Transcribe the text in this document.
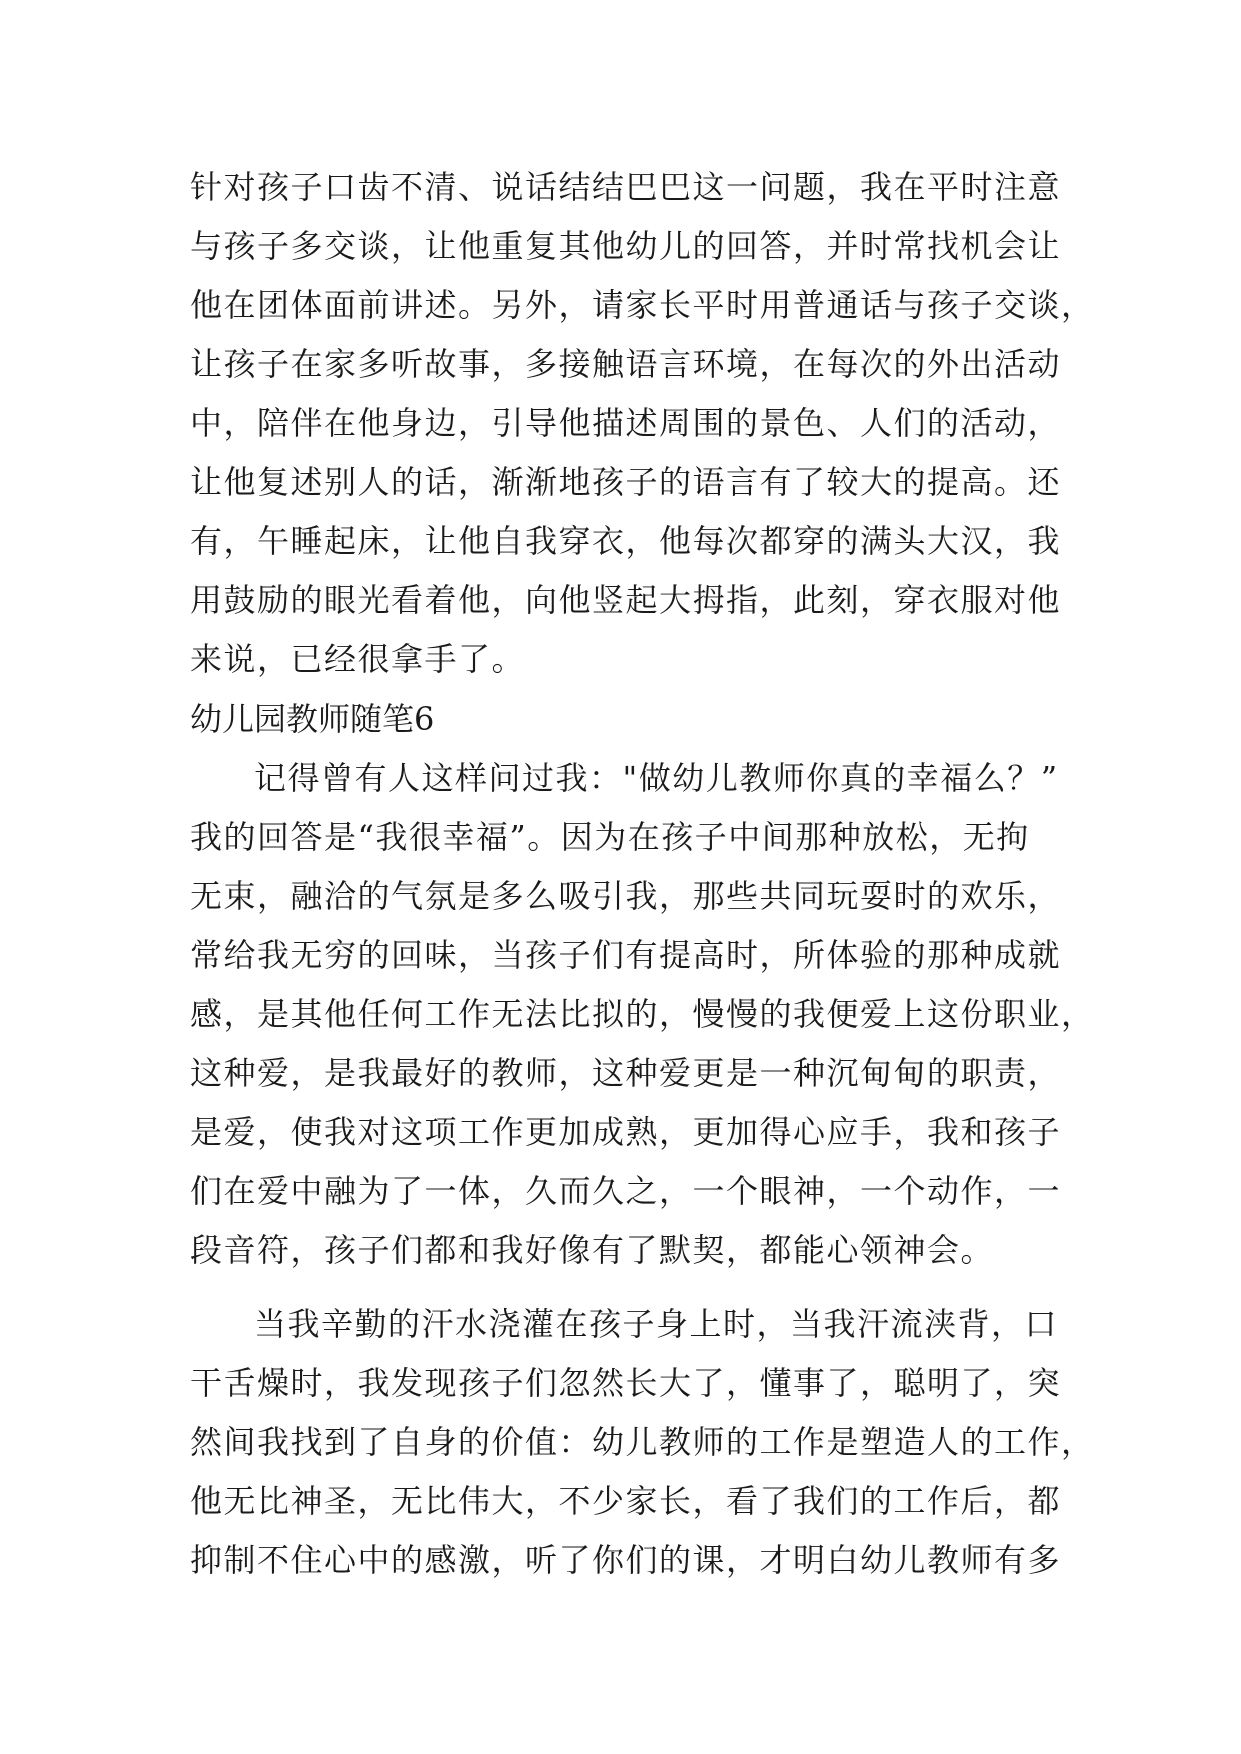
针对孩子口齿不清、说话结结巴巴这一问题，我在平时注意
与孩子多交谈，让他重复其他幼儿的回答，并时常找机会让
他在团体面前讲述。另外，请家长平时用普通话与孩子交谈，
让孩子在家多听故事，多接触语言环境，在每次的外出活动
中，陪伴在他身边，引导他描述周围的景色、人们的活动，
让他复述别人的话，渐渐地孩子的语言有了较大的提高。还
有，午睡起床，让他自我穿衣，他每次都穿的满头大汉，我
用鼓励的眼光看着他，向他竖起大拇指，此刻，穿衣服对他
来说，已经很拿手了。
幼儿园教师随笔6
记得曾有人这样问过我："做幼儿教师你真的幸福么？”
我的回答是“我很幸福”。因为在孩子中间那种放松，无拘
无束，融洽的气氛是多么吸引我，那些共同玩耍时的欢乐，
常给我无穷的回味，当孩子们有提高时，所体验的那种成就
感，是其他任何工作无法比拟的，慢慢的我便爱上这份职业，
这种爱，是我最好的教师，这种爱更是一种沉甸甸的职责，
是爱，使我对这项工作更加成熟，更加得心应手，我和孩子
们在爱中融为了一体，久而久之，一个眼神，一个动作，一
段音符，孩子们都和我好像有了默契，都能心领神会。
当我辛勤的汗水浇灌在孩子身上时，当我汗流浃背，口
干舌燥时，我发现孩子们忽然长大了，懂事了，聪明了，突
然间我找到了自身的价值：幼儿教师的工作是塑造人的工作，
他无比神圣，无比伟大，不少家长，看了我们的工作后，都
抑制不住心中的感激，听了你们的课，才明白幼儿教师有多
